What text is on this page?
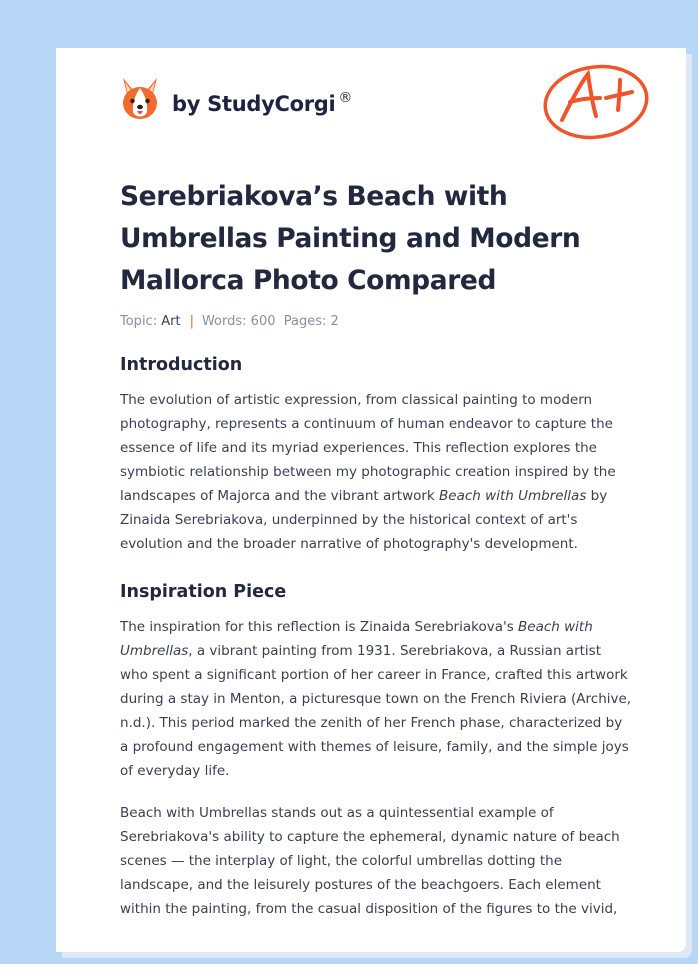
by StudyCorgi ®
Serebriakova’s Beach with Umbrellas Painting and Modern Mallorca Photo Compared
Topic: Art | Words: 600 Pages: 2
Introduction

The evolution of artistic expression, from classical painting to modern photography, represents a continuum of human endeavor to capture the essence of life and its myriad experiences. This reflection explores the symbiotic relationship between my photographic creation inspired by the landscapes of Majorca and the vibrant artwork Beach with Umbrellas by Zinaida Serebriakova, underpinned by the historical context of art's evolution and the broader narrative of photography's development.

Inspiration Piece

The inspiration for this reflection is Zinaida Serebriakova's Beach with Umbrellas, a vibrant painting from 1931. Serebriakova, a Russian artist who spent a significant portion of her career in France, crafted this artwork during a stay in Menton, a picturesque town on the French Riviera (Archive, n.d.). This period marked the zenith of her French phase, characterized by a profound engagement with themes of leisure, family, and the simple joys of everyday life.

Beach with Umbrellas stands out as a quintessential example of Serebriakova's ability to capture the ephemeral, dynamic nature of beach scenes — the interplay of light, the colorful umbrellas dotting the landscape, and the leisurely postures of the beachgoers. Each element within the painting, from the casual disposition of the figures to the vivid,
